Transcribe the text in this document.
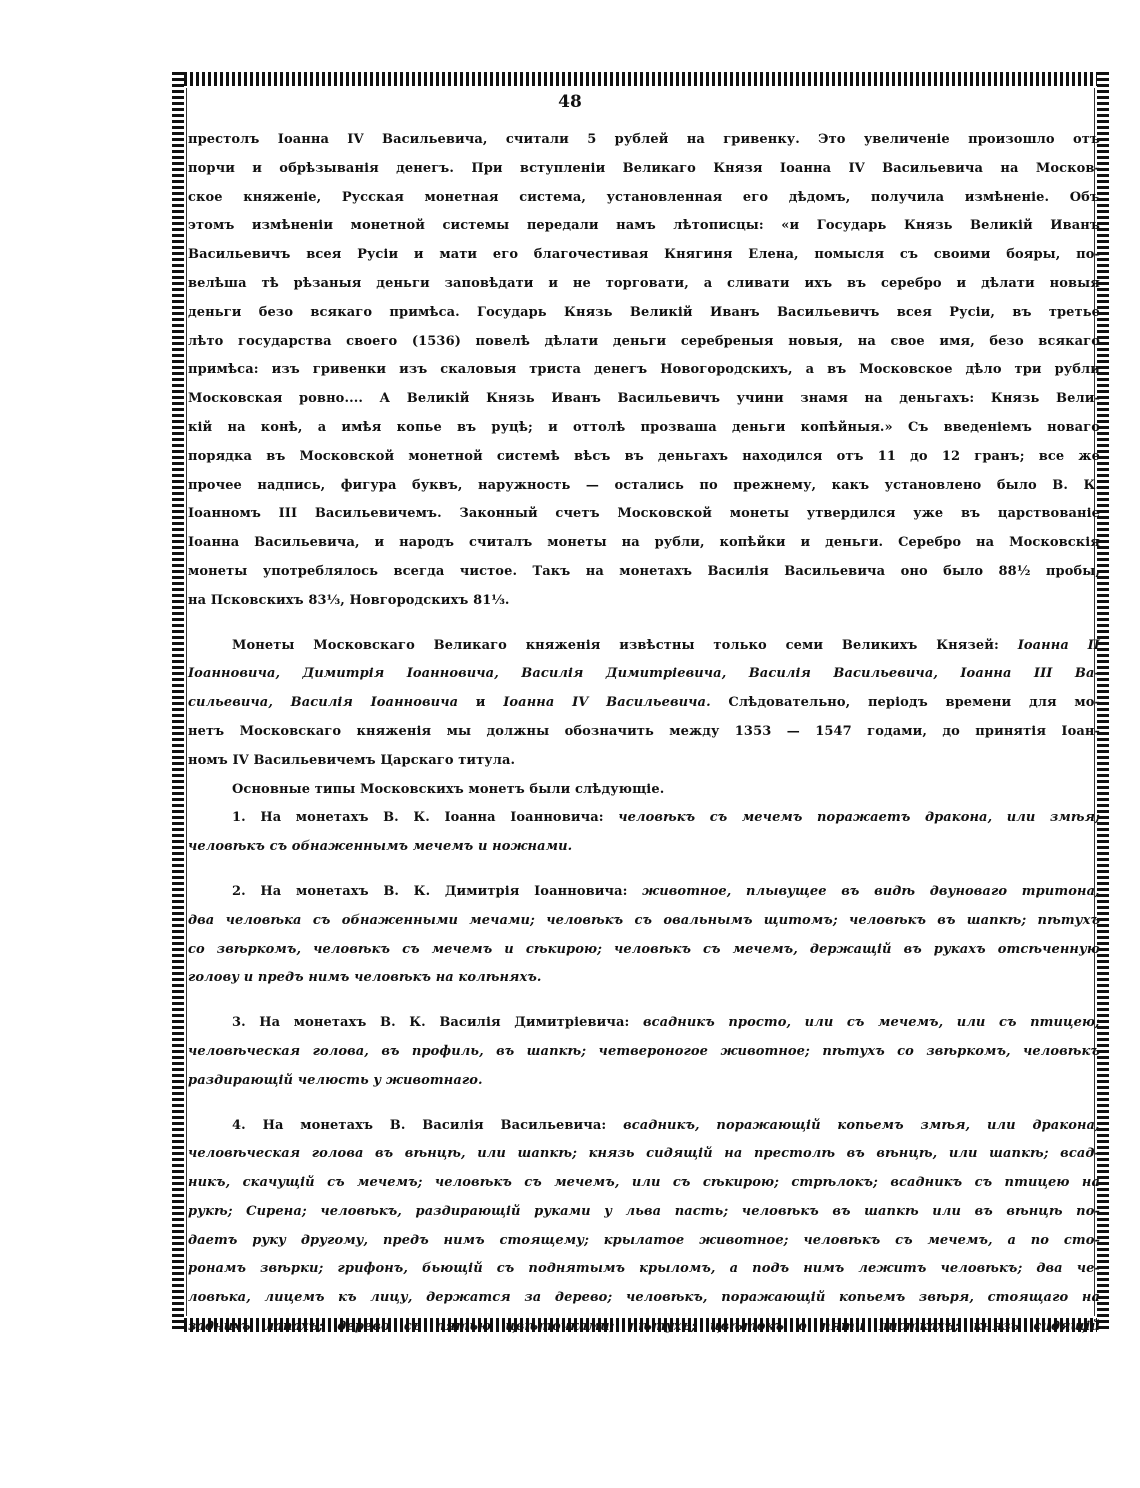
48

престолъ Іоанна IV Васильевича, считали 5 рублей на гривенку. Это увеличеніе произошло отъ
порчи и обрѣзыванія денегъ. При вступленіи Великаго Князя Іоанна IV Васильевича на Москов-
ское княженіе, Русская монетная система, установленная его дѣдомъ, получила измѣненіе. Объ
этомъ измѣненіи монетной системы передали намъ лѣтописцы: «и Государь Князь Великій Иванъ
Васильевичъ всея Русіи и мати его благочестивая Княгиня Елена, помысля съ своими бояры, по-
велѣша тѣ рѣзаныя деньги заповѣдати и не торговати, а сливати ихъ въ серебро и дѣлати новыя
деньги безо всякаго примѣса. Государь Князь Великій Иванъ Васильевичъ всея Русіи, въ третье
лѣто государства своего (1536) повелѣ дѣлати деньги серебреныя новыя, на свое имя, безо всякаго
примѣса: изъ гривенки изъ скаловыя триста денегъ Новогородскихъ, а въ Московское дѣло три рубли
Московская ровно.... А Великій Князь Иванъ Васильевичъ учини знамя на деньгахъ: Князь Вели-
кій на конѣ, а имѣя копье въ руцѣ; и оттолѣ прозваша деньги копѣйныя.» Съ введеніемъ новаго
порядка въ Московской монетной системѣ вѣсъ въ деньгахъ находился отъ 11 до 12 гранъ; все же
прочее надпись, фигура буквъ, наружность — остались по прежнему, какъ установлено было В. К.
Іоанномъ III Васильевичемъ. Законный счетъ Московской монеты утвердился уже въ царствованіе
Іоанна Васильевича, и народъ считалъ монеты на рубли, копѣйки и деньги. Серебро на Московскія
монеты употреблялось всегда чистое. Такъ на монетахъ Василія Васильевича оно было 88½ пробы,
на Псковскихъ 83⅓, Новгородскихъ 81⅓.

Монеты Московскаго Великаго княженія извѣстны только семи Великихъ Князей: Іоанна II
Іоанновича, Димитрія Іоанновича, Василія Димитріевича, Василія Васильевича, Іоанна III Ва-
сильевича, Василія Іоанновича и Іоанна IV Васильевича. Слѣдовательно, періодъ времени для мо-
нетъ Московскаго княженія мы должны обозначить между 1353 — 1547 годами, до принятія Іоан-
номъ IV Васильевичемъ Царскаго титула.

Основные типы Московскихъ монетъ были слѣдующіе.

1. На монетахъ В. К. Іоанна Іоанновича: человѣкъ съ мечемъ поражаетъ дракона, или змѣя;
человѣкъ съ обнаженнымъ мечемъ и ножнами.

2. На монетахъ В. К. Димитрія Іоанновича: животное, плывущее въ видѣ двуноваго тритона;
два человѣка съ обнаженными мечами; человѣкъ съ овальнымъ щитомъ; человѣкъ въ шапкѣ; пѣтухъ
со звѣркомъ, человѣкъ съ мечемъ и сѣкирою; человѣкъ съ мечемъ, держащій въ рукахъ отсѣченную
голову и предъ нимъ человѣкъ на колѣняхъ.

3. На монетахъ В. К. Василія Димитріевича: всадникъ просто, или съ мечемъ, или съ птицею;
человѣческая голова, въ профиль, въ шапкѣ; четвероногое животное; пѣтухъ со звѣркомъ, человѣкъ
раздирающій челюсть у животнаго.

4. На монетахъ В. Василія Васильевича: всадникъ, поражающій копьемъ змѣя, или дракона;
человѣческая голова въ вѣнцѣ, или шапкѣ; князь сидящій на престолѣ въ вѣнцѣ, или шапкѣ; всад-
никъ, скачущій съ мечемъ; человѣкъ съ мечемъ, или съ сѣкирою; стрѣлокъ; всадникъ съ птицею на
рукѣ; Сирена; человѣкъ, раздирающій руками у льва пасть; человѣкъ въ шапкѣ или въ вѣнцѣ по-
даетъ руку другому, предъ нимъ стоящему; крылатое животное; человѣкъ съ мечемъ, а по сто-
ронамъ звѣрки; грифонъ, бьющій съ поднятымъ крыломъ, а подъ нимъ лежитъ человѣкъ; два че-
ловѣка, лицемъ къ лицу, держатся за дерево; человѣкъ, поражающій копьемъ звѣря, стоящаго на
заднихъ лапахъ; дерево съ пятью цвѣточками; пѣтухъ; цвѣтокъ о пяти листкахъ; князь сидящій
